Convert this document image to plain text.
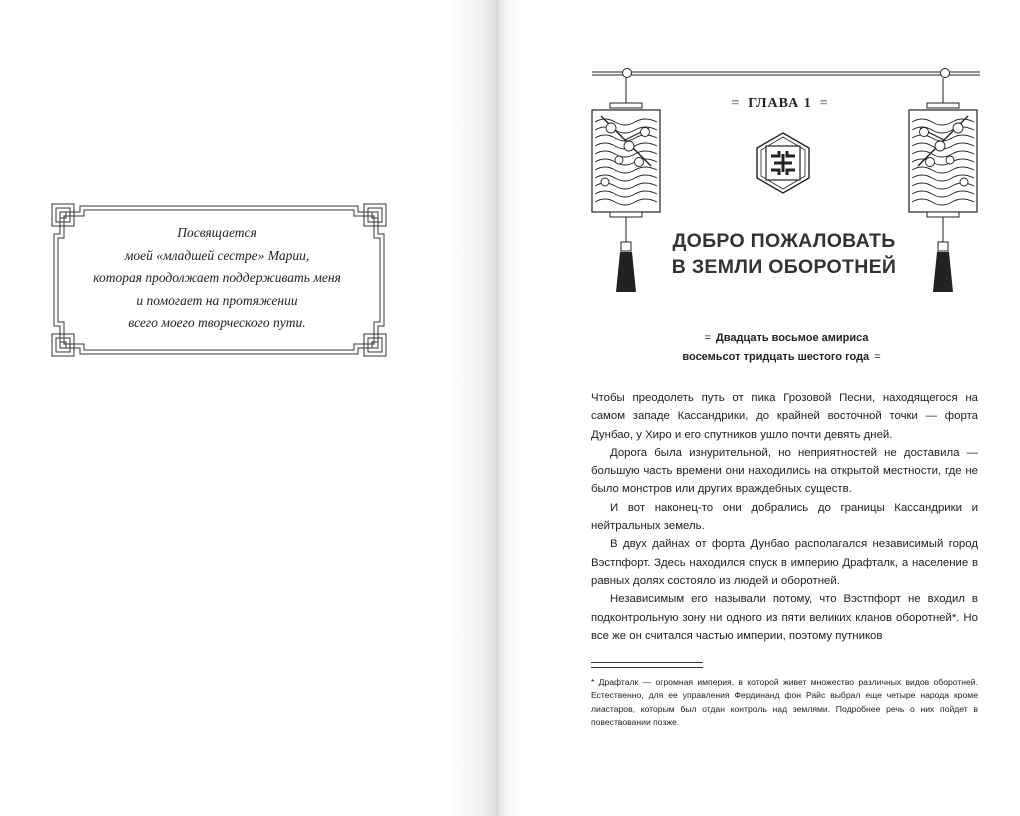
Посвящается
моей «младшей сестре» Марии,
которая продолжает поддерживать меня
и помогает на протяжении
всего моего творческого пути.
= ГЛАВА 1 =
ДОБРО ПОЖАЛОВАТЬ
В ЗЕМЛИ ОБОРОТНЕЙ
= Двадцать восьмое амириса
восемьсот тридцать шестого года =

Чтобы преодолеть путь от пика Грозовой Песни, находящегося на самом западе Кассандрики, до крайней восточной точки — форта Дунбао, у Хиро и его спутников ушло почти девять дней.

Дорога была изнурительной, но неприятностей не доставила — большую часть времени они находились на открытой местности, где не было монстров или других враждебных существ.

И вот наконец-то они добрались до границы Кассандрики и нейтральных земель.

В двух дайнах от форта Дунбао располагался независимый город Вэстпфорт. Здесь находился спуск в империю Драфталк, а население в равных долях состояло из людей и оборотней.

Независимым его называли потому, что Вэстпфорт не входил в подконтрольную зону ни одного из пяти великих кланов оборотней*. Но все же он считался частью империи, поэтому путников

* Драфталк — огромная империя, в которой живет множество различных видов оборотней. Естественно, для ее управления Фердинанд фон Райс выбрал еще четыре народа кроме лиастаров, которым был отдан контроль над землями. Подробнее речь о них пойдет в повествовании позже.
